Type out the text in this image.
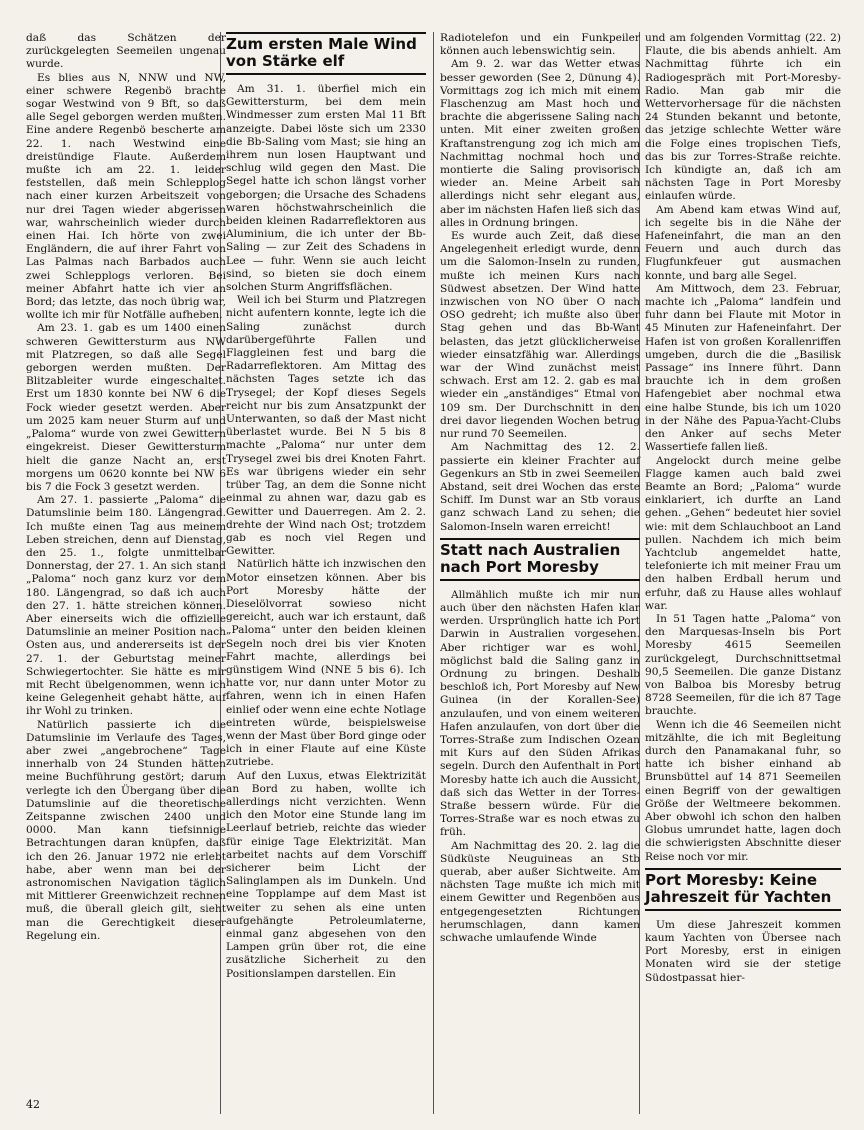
daß das Schätzen der zurückgelegten Seemeilen ungenau wurde.

Es blies aus N, NNW und NW, einer schwere Regenbö brachte sogar Westwind von 9 Bft, so daß alle Segel geborgen werden mußten. Eine andere Regenbö bescherte am 22. 1. nach Westwind eine dreistündige Flaute. Außerdem mußte ich am 22. 1. leider feststellen, daß mein Schlepplog nach einer kurzen Arbeitszeit von nur drei Tagen wieder abgerissen war, wahrscheinlich wieder durch einen Hai. Ich hörte von zwei Engländern, die auf ihrer Fahrt von Las Palmas nach Barbados auch zwei Schlepplogs verloren. Bei meiner Abfahrt hatte ich vier an Bord; das letzte, das noch übrig war, wollte ich mir für Notfälle aufheben.

Am 23. 1. gab es um 1400 einen schweren Gewittersturm aus NW mit Platzregen, so daß alle Segel geborgen werden mußten. Der Blitzableiter wurde eingeschaltet. Erst um 1830 konnte bei NW 6 die Fock wieder gesetzt werden. Aber um 2025 kam neuer Sturm auf und „Paloma“ wurde von zwei Gewittern eingekreist. Dieser Gewittersturm hielt die ganze Nacht an, erst morgens um 0620 konnte bei NW 6 bis 7 die Fock 3 gesetzt werden.

Am 27. 1. passierte „Paloma“ die Datumslinie beim 180. Längengrad. Ich mußte einen Tag aus meinem Leben streichen, denn auf Dienstag, den 25. 1., folgte unmittelbar Donnerstag, der 27. 1. An sich stand „Paloma“ noch ganz kurz vor dem 180. Längengrad, so daß ich auch den 27. 1. hätte streichen können. Aber einerseits wich die offizielle Datumslinie an meiner Position nach Osten aus, und andererseits ist der 27. 1. der Geburtstag meiner Schwiegertochter. Sie hätte es mir mit Recht übelgenommen, wenn ich keine Gelegenheit gehabt hätte, auf ihr Wohl zu trinken.

Natürlich passierte ich die Datumslinie im Verlaufe des Tages, aber zwei „angebrochene“ Tage innerhalb von 24 Stunden hätten meine Buchführung gestört; darum verlegte ich den Übergang über die Datumslinie auf die theoretische Zeitspanne zwischen 2400 und 0000. Man kann tiefsinnige Betrachtungen daran knüpfen, daß ich den 26. Januar 1972 nie erlebt habe, aber wenn man bei der astronomischen Navigation täglich mit Mittlerer Greenwichzeit rechnen muß, die überall gleich gilt, sieht man die Gerechtigkeit dieser Regelung ein.

Zum ersten Male Wind von Stärke elf

Am 31. 1. überfiel mich ein Gewittersturm, bei dem mein Windmesser zum ersten Mal 11 Bft anzeigte. Dabei löste sich um 2330 die Bb-Saling vom Mast; sie hing an ihrem nun losen Hauptwant und schlug wild gegen den Mast. Die Segel hatte ich schon längst vorher geborgen; die Ursache des Schadens waren höchstwahrscheinlich die beiden kleinen Radarreflektoren aus Aluminium, die ich unter der Bb-Saling — zur Zeit des Schadens in Lee — fuhr. Wenn sie auch leicht sind, so bieten sie doch einem solchen Sturm Angriffsflächen.

Weil ich bei Sturm und Platzregen nicht aufentern konnte, legte ich die Saling zunächst durch darübergeführte Fallen und Flaggleinen fest und barg die Radarreflektoren. Am Mittag des nächsten Tages setzte ich das Trysegel; der Kopf dieses Segels reicht nur bis zum Ansatzpunkt der Unterwanten, so daß der Mast nicht überlastet wurde. Bei N 5 bis 8 machte „Paloma“ nur unter dem Trysegel zwei bis drei Knoten Fahrt. Es war übrigens wieder ein sehr trüber Tag, an dem die Sonne nicht einmal zu ahnen war, dazu gab es Gewitter und Dauerregen. Am 2. 2. drehte der Wind nach Ost; trotzdem gab es noch viel Regen und Gewitter.

Natürlich hätte ich inzwischen den Motor einsetzen können. Aber bis Port Moresby hätte der Dieselölvorrat sowieso nicht gereicht, auch war ich erstaunt, daß „Paloma“ unter den beiden kleinen Segeln noch drei bis vier Knoten Fahrt machte, allerdings bei günstigem Wind (NNE 5 bis 6). Ich hatte vor, nur dann unter Motor zu fahren, wenn ich in einen Hafen einlief oder wenn eine echte Notlage eintreten würde, beispielsweise wenn der Mast über Bord ginge oder ich in einer Flaute auf eine Küste zutriebe.

Auf den Luxus, etwas Elektrizität an Bord zu haben, wollte ich allerdings nicht verzichten. Wenn ich den Motor eine Stunde lang im Leerlauf betrieb, reichte das wieder für einige Tage Elektrizität. Man arbeitet nachts auf dem Vorschiff sicherer beim Licht der Salinglampen als im Dunkeln. Und eine Topplampe auf dem Mast ist weiter zu sehen als eine unten aufgehängte Petroleumlaterne, einmal ganz abgesehen von den Lampen grün über rot, die eine zusätzliche Sicherheit zu den Positionslampen darstellen. Ein

Radiotelefon und ein Funkpeiler können auch lebenswichtig sein.

Am 9. 2. war das Wetter etwas besser geworden (See 2, Dünung 4). Vormittags zog ich mich mit einem Flaschenzug am Mast hoch und brachte die abgerissene Saling nach unten. Mit einer zweiten großen Kraftanstrengung zog ich mich am Nachmittag nochmal hoch und montierte die Saling provisorisch wieder an. Meine Arbeit sah allerdings nicht sehr elegant aus, aber im nächsten Hafen ließ sich das alles in Ordnung bringen.

Es wurde auch Zeit, daß diese Angelegenheit erledigt wurde, denn um die Salomon-Inseln zu runden, mußte ich meinen Kurs nach Südwest absetzen. Der Wind hatte inzwischen von NO über O nach OSO gedreht; ich mußte also über Stag gehen und das Bb-Want belasten, das jetzt glücklicherweise wieder einsatzfähig war. Allerdings war der Wind zunächst meist schwach. Erst am 12. 2. gab es mal wieder ein „anständiges“ Etmal von 109 sm. Der Durchschnitt in den drei davor liegenden Wochen betrug nur rund 70 Seemeilen.

Am Nachmittag des 12. 2. passierte ein kleiner Frachter auf Gegenkurs an Stb in zwei Seemeilen Abstand, seit drei Wochen das erste Schiff. Im Dunst war an Stb voraus ganz schwach Land zu sehen; die Salomon-Inseln waren erreicht!

Statt nach Australien nach Port Moresby

Allmählich mußte ich mir nun auch über den nächsten Hafen klar werden. Ursprünglich hatte ich Port Darwin in Australien vorgesehen. Aber richtiger war es wohl, möglichst bald die Saling ganz in Ordnung zu bringen. Deshalb beschloß ich, Port Moresby auf New Guinea (in der Korallen-See) anzulaufen, und von einem weiteren Hafen anzulaufen, von dort über die Torres-Straße zum Indischen Ozean mit Kurs auf den Süden Afrikas segeln. Durch den Aufenthalt in Port Moresby hatte ich auch die Aussicht, daß sich das Wetter in der Torres-Straße bessern würde. Für die Torres-Straße war es noch etwas zu früh.

Am Nachmittag des 20. 2. lag die Südküste Neuguineas an Stb querab, aber außer Sichtweite. Am nächsten Tage mußte ich mich mit einem Gewitter und Regenböen aus entgegengesetzten Richtungen herumschlagen, dann kamen schwache umlaufende Winde

und am folgenden Vormittag (22. 2) Flaute, die bis abends anhielt. Am Nachmittag führte ich ein Radiogespräch mit Port-Moresby-Radio. Man gab mir die Wettervorhersage für die nächsten 24 Stunden bekannt und betonte, das jetzige schlechte Wetter wäre die Folge eines tropischen Tiefs, das bis zur Torres-Straße reichte. Ich kündigte an, daß ich am nächsten Tage in Port Moresby einlaufen würde.

Am Abend kam etwas Wind auf, ich segelte bis in die Nähe der Hafeneinfahrt, die man an den Feuern und auch durch das Flugfunkfeuer gut ausmachen konnte, und barg alle Segel.

Am Mittwoch, dem 23. Februar, machte ich „Paloma“ landfein und fuhr dann bei Flaute mit Motor in 45 Minuten zur Hafeneinfahrt. Der Hafen ist von großen Korallenriffen umgeben, durch die die „Basilisk Passage“ ins Innere führt. Dann brauchte ich in dem großen Hafengebiet aber nochmal etwa eine halbe Stunde, bis ich um 1020 in der Nähe des Papua-Yacht-Clubs den Anker auf sechs Meter Wassertiefe fallen ließ.

Angelockt durch meine gelbe Flagge kamen auch bald zwei Beamte an Bord; „Paloma“ wurde einklariert, ich durfte an Land gehen. „Gehen“ bedeutet hier soviel wie: mit dem Schlauchboot an Land pullen. Nachdem ich mich beim Yachtclub angemeldet hatte, telefonierte ich mit meiner Frau um den halben Erdball herum und erfuhr, daß zu Hause alles wohlauf war.

In 51 Tagen hatte „Paloma“ von den Marquesas-Inseln bis Port Moresby 4615 Seemeilen zurückgelegt, Durchschnittsetmal 90,5 Seemeilen. Die ganze Distanz von Balboa bis Moresby betrug 8728 Seemeilen, für die ich 87 Tage brauchte.

Wenn ich die 46 Seemeilen nicht mitzählte, die ich mit Begleitung durch den Panamakanal fuhr, so hatte ich bisher einhand ab Brunsbüttel auf 14 871 Seemeilen einen Begriff von der gewaltigen Größe der Weltmeere bekommen. Aber obwohl ich schon den halben Globus umrundet hatte, lagen doch die schwierigsten Abschnitte dieser Reise noch vor mir.

Port Moresby: Keine Jahreszeit für Yachten

Um diese Jahreszeit kommen kaum Yachten von Übersee nach Port Moresby, erst in einigen Monaten wird sie der stetige Südostpassat hier-

42
